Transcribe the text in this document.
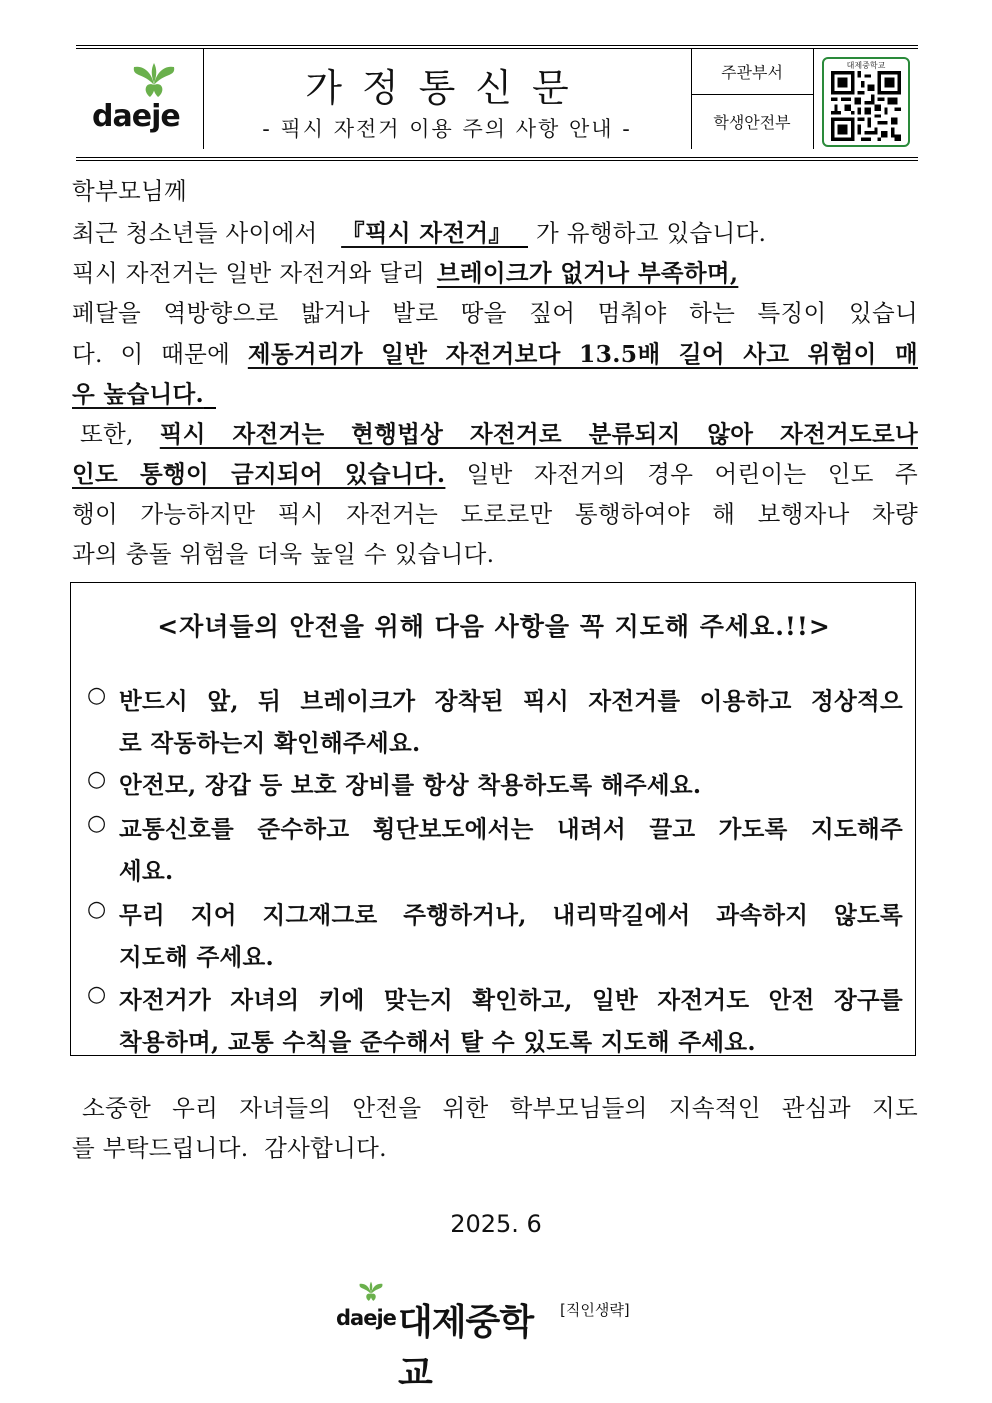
daeje
가정통신문
- 픽시 자전거 이용 주의 사항 안내 -
주관부서
학생안전부
대제중학교
학부모님께
최근 청소년들 사이에서 『픽시 자전거』 가 유행하고 있습니다.
픽시 자전거는 일반 자전거와 달리 브레이크가 없거나 부족하며,
페달을 역방향으로 밟거나 발로 땅을 짚어 멈춰야 하는 특징이 있습니
다. 이 때문에 제동거리가 일반 자전거보다 13.5배 길어 사고 위험이 매
우 높습니다.
또한, 픽시 자전거는 현행법상 자전거로 분류되지 않아 자전거도로나
인도 통행이 금지되어 있습니다. 일반 자전거의 경우 어린이는 인도 주
행이 가능하지만 픽시 자전거는 도로로만 통행하여야 해 보행자나 차량
과의 충돌 위험을 더욱 높일 수 있습니다.
<자녀들의 안전을 위해 다음 사항을 꼭 지도해 주세요.!!>
○ 반드시 앞, 뒤 브레이크가 장착된 픽시 자전거를 이용하고 정상적으
로 작동하는지 확인해주세요.
○ 안전모, 장갑 등 보호 장비를 항상 착용하도록 해주세요.
○ 교통신호를 준수하고 횡단보도에서는 내려서 끌고 가도록 지도해주
세요.
○ 무리 지어 지그재그로 주행하거나, 내리막길에서 과속하지 않도록
지도해 주세요.
○ 자전거가 자녀의 키에 맞는지 확인하고, 일반 자전거도 안전 장구를
착용하며, 교통 수칙을 준수해서 탈 수 있도록 지도해 주세요.
소중한 우리 자녀들의 안전을 위한 학부모님들의 지속적인 관심과 지도
를 부탁드립니다.  감사합니다.
2025. 6
daeje 대제중학교
[직인생략]
